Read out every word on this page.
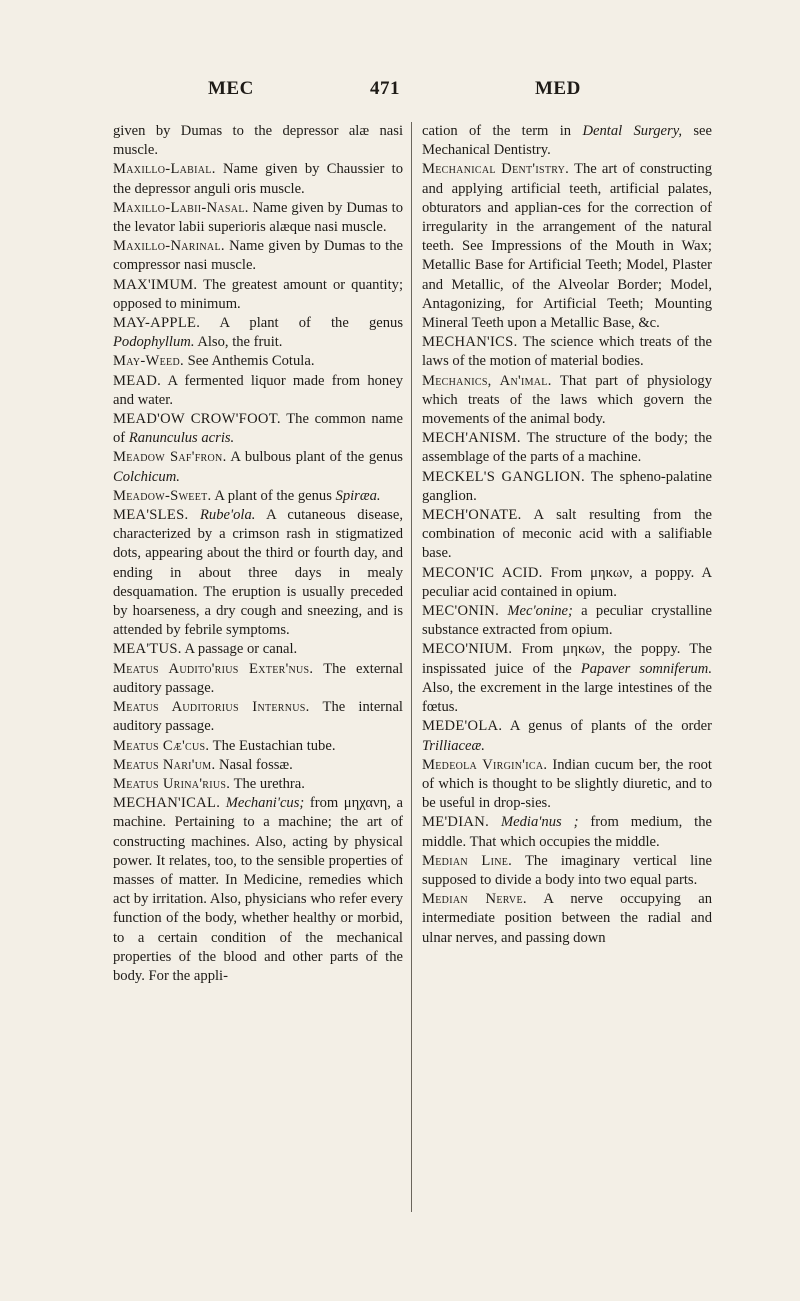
MEC	471	MED

given by Dumas to the depressor alæ nasi muscle.

Maxillo-Labial. Name given by Chaussier to the depressor anguli oris muscle.

Maxillo-Labii-Nasal. Name given by Dumas to the levator labii superioris alæque nasi muscle.

Maxillo-Narinal. Name given by Dumas to the compressor nasi muscle.

MAX'IMUM. The greatest amount or quantity; opposed to minimum.

MAY-APPLE. A plant of the genus Podophyllum. Also, the fruit.

May-Weed. See Anthemis Cotula.

MEAD. A fermented liquor made from honey and water.

MEAD'OW CROW'FOOT. The common name of Ranunculus acris.

Meadow Saf'fron. A bulbous plant of the genus Colchicum.

Meadow-Sweet. A plant of the genus Spiræa.

MEA'SLES. Rube'ola. A cutaneous disease, characterized by a crimson rash in stigmatized dots, appearing about the third or fourth day, and ending in about three days in mealy desquamation. The eruption is usually preceded by hoarseness, a dry cough and sneezing, and is attended by febrile symptoms.

MEA'TUS. A passage or canal.

Meatus Audito'rius Exter'nus. The external auditory passage.

Meatus Auditorius Internus. The internal auditory passage.

Meatus Cæ'cus. The Eustachian tube.

Meatus Nari'um. Nasal fossæ.

Meatus Urina'rius. The urethra.

MECHAN'ICAL. Mechani'cus; from μηχανη, a machine. Pertaining to a machine; the art of constructing machines. Also, acting by physical power. It relates, too, to the sensible properties of masses of matter. In Medicine, remedies which act by irritation. Also, physicians who refer every function of the body, whether healthy or morbid, to a certain condition of the mechanical properties of the blood and other parts of the body. For the appli-

cation of the term in Dental Surgery, see Mechanical Dentistry.

Mechanical Dent'istry. The art of constructing and applying artificial teeth, artificial palates, obturators and applian-ces for the correction of irregularity in the arrangement of the natural teeth. See Impressions of the Mouth in Wax; Metallic Base for Artificial Teeth; Model, Plaster and Metallic, of the Alveolar Border; Model, Antagonizing, for Artificial Teeth; Mounting Mineral Teeth upon a Metallic Base, &c.

MECHAN'ICS. The science which treats of the laws of the motion of material bodies.

Mechanics, An'imal. That part of physiology which treats of the laws which govern the movements of the animal body.

MECH'ANISM. The structure of the body; the assemblage of the parts of a machine.

MECKEL'S GANGLION. The spheno-palatine ganglion.

MECH'ONATE. A salt resulting from the combination of meconic acid with a salifiable base.

MECON'IC ACID. From μηκων, a poppy. A peculiar acid contained in opium.

MEC'ONIN. Mec'onine; a peculiar crystalline substance extracted from opium.

MECO'NIUM. From μηκων, the poppy. The inspissated juice of the Papaver somniferum. Also, the excrement in the large intestines of the fœtus.

MEDE'OLA. A genus of plants of the order Trilliaceæ.

Medeola Virgin'ica. Indian cucum ber, the root of which is thought to be slightly diuretic, and to be useful in drop-sies.

ME'DIAN. Media'nus ; from medium, the middle. That which occupies the middle.

Median Line. The imaginary vertical line supposed to divide a body into two equal parts.

Median Nerve. A nerve occupying an intermediate position between the radial and ulnar nerves, and passing down
